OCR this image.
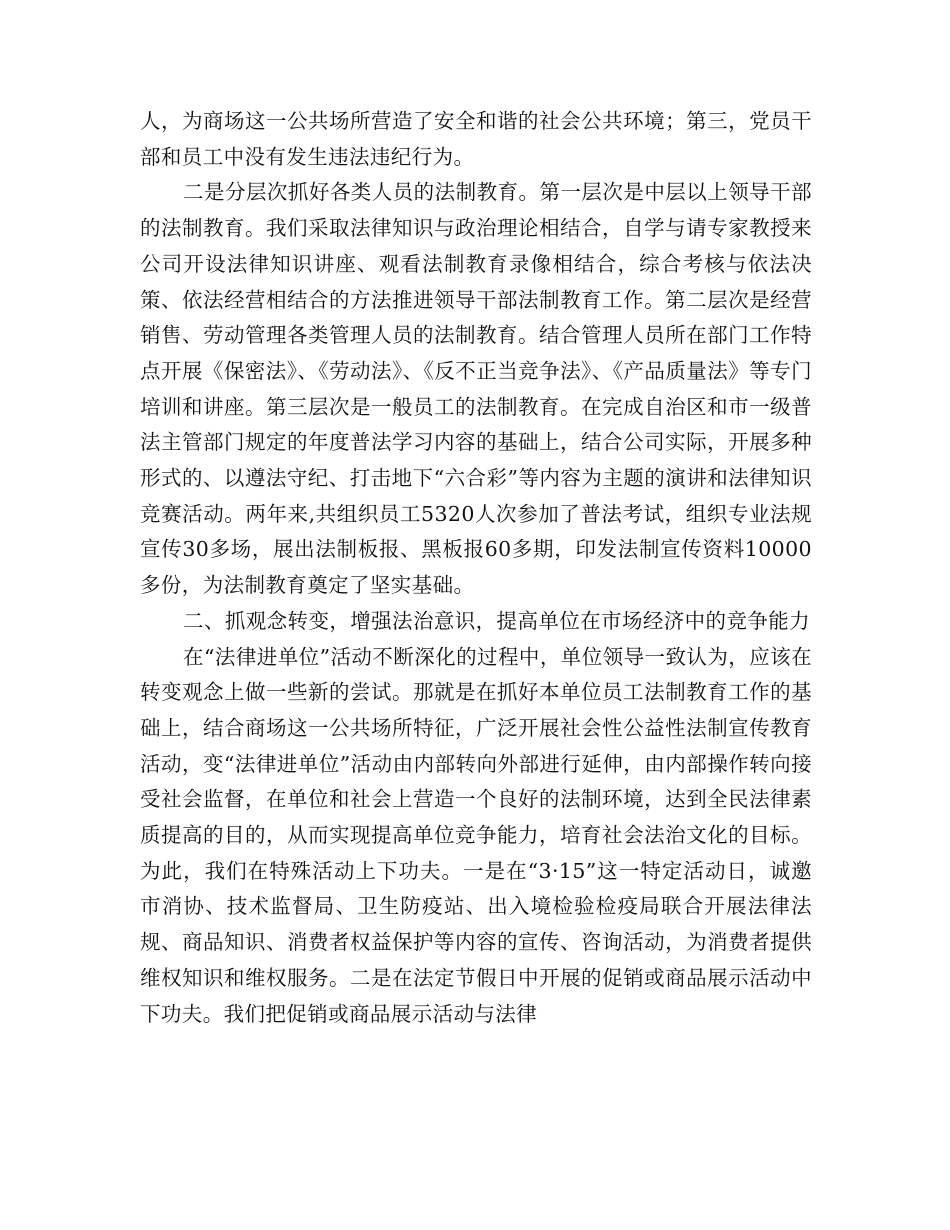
人，为商场这一公共场所营造了安全和谐的社会公共环境；第三，党员干部和员工中没有发生违法违纪行为。

二是分层次抓好各类人员的法制教育。第一层次是中层以上领导干部的法制教育。我们采取法律知识与政治理论相结合，自学与请专家教授来公司开设法律知识讲座、观看法制教育录像相结合，综合考核与依法决策、依法经营相结合的方法推进领导干部法制教育工作。第二层次是经营销售、劳动管理各类管理人员的法制教育。结合管理人员所在部门工作特点开展《保密法》、《劳动法》、《反不正当竞争法》、《产品质量法》等专门培训和讲座。第三层次是一般员工的法制教育。在完成自治区和市一级普法主管部门规定的年度普法学习内容的基础上，结合公司实际，开展多种形式的、以遵法守纪、打击地下“六合彩”等内容为主题的演讲和法律知识竞赛活动。两年来,共组织员工5320人次参加了普法考试，组织专业法规宣传30多场，展出法制板报、黑板报60多期，印发法制宣传资料10000多份，为法制教育奠定了坚实基础。

二、抓观念转变，增强法治意识，提高单位在市场经济中的竞争能力

在“法律进单位”活动不断深化的过程中，单位领导一致认为，应该在转变观念上做一些新的尝试。那就是在抓好本单位员工法制教育工作的基础上，结合商场这一公共场所特征，广泛开展社会性公益性法制宣传教育活动，变“法律进单位”活动由内部转向外部进行延伸，由内部操作转向接受社会监督，在单位和社会上营造一个良好的法制环境，达到全民法律素质提高的目的，从而实现提高单位竞争能力，培育社会法治文化的目标。为此，我们在特殊活动上下功夫。一是在“3·15”这一特定活动日，诚邀市消协、技术监督局、卫生防疫站、出入境检验检疫局联合开展法律法规、商品知识、消费者权益保护等内容的宣传、咨询活动，为消费者提供维权知识和维权服务。二是在法定节假日中开展的促销或商品展示活动中下功夫。我们把促销或商品展示活动与法律
